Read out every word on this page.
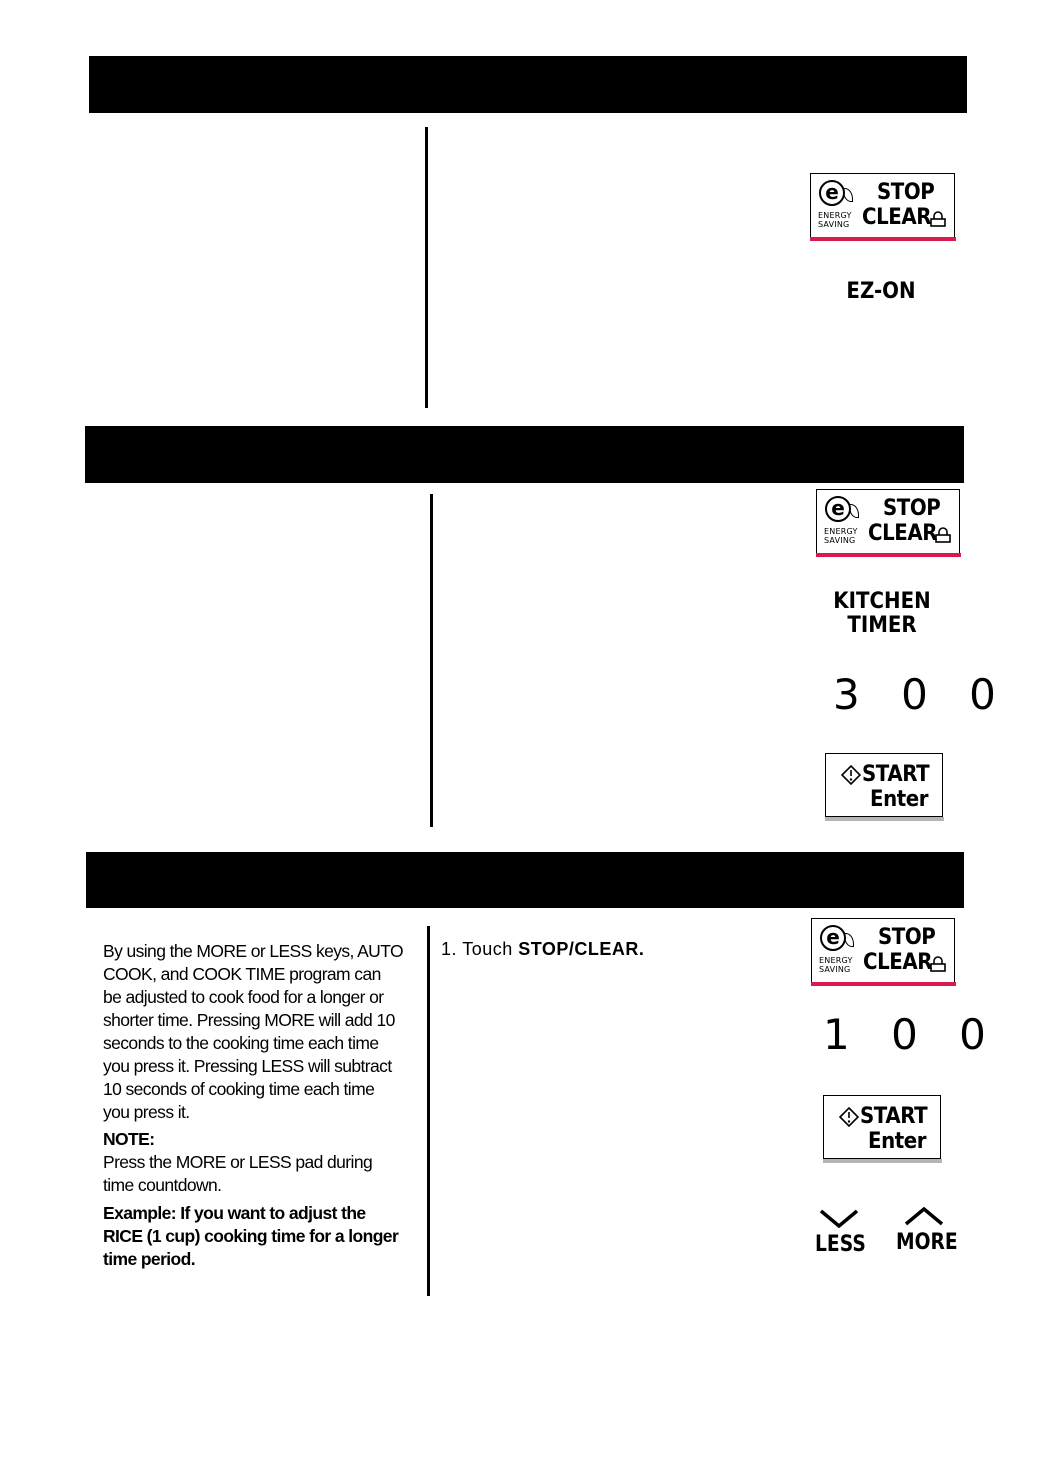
e
ENERGY
SAVING
STOP
CLEAR
EZ-ON
e
ENERGY
SAVING
STOP
CLEAR
KITCHEN
TIMER
3 0 0
START
Enter

By using the MORE or LESS keys, AUTO COOK, and COOK TIME program can be adjusted to cook food for a longer or shorter time. Pressing MORE will add 10 seconds to the cooking time each time you press it. Pressing LESS will subtract 10 seconds of cooking time each time you press it.

NOTE:

Press the MORE or LESS pad during time countdown.

Example: If you want to adjust the RICE (1 cup) cooking time for a longer time period.

1. Touch STOP/CLEAR.	e
ENERGY
SAVING
STOP
CLEAR
1 0 0
START
Enter
LESS MORE
